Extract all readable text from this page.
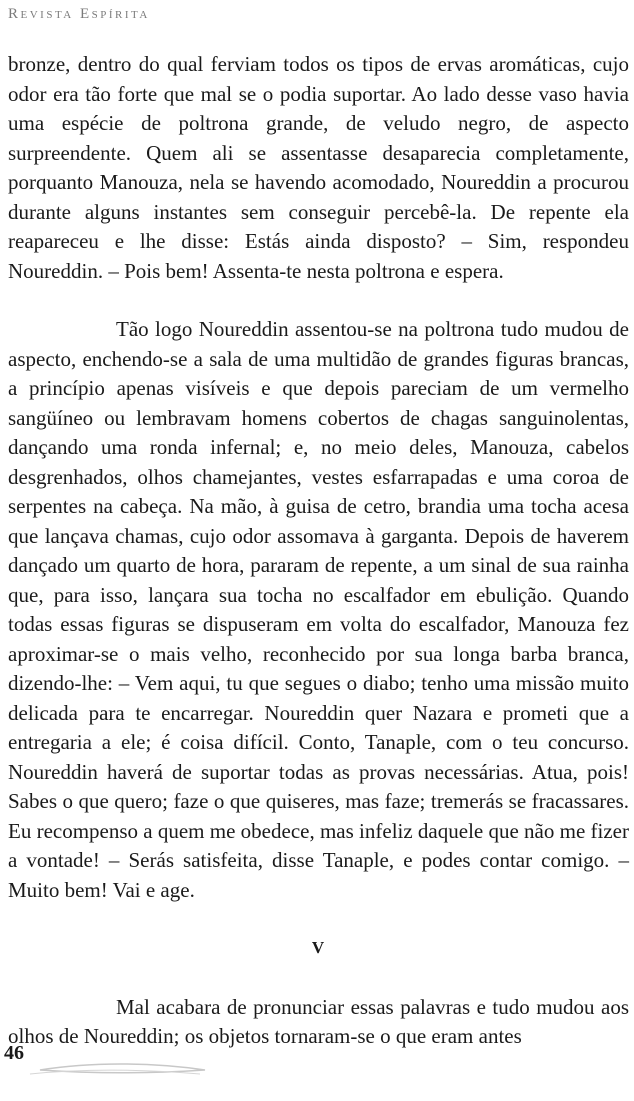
Revista Espírita

bronze, dentro do qual ferviam todos os tipos de ervas aromáticas, cujo odor era tão forte que mal se o podia suportar. Ao lado desse vaso havia uma espécie de poltrona grande, de veludo negro, de aspecto surpreendente. Quem ali se assentasse desaparecia completamente, porquanto Manouza, nela se havendo acomodado, Noureddin a procurou durante alguns instantes sem conseguir percebê-la. De repente ela reapareceu e lhe disse: Estás ainda disposto? – Sim, respondeu Noureddin. – Pois bem! Assenta-te nesta poltrona e espera.

Tão logo Noureddin assentou-se na poltrona tudo mudou de aspecto, enchendo-se a sala de uma multidão de grandes figuras brancas, a princípio apenas visíveis e que depois pareciam de um vermelho sangüíneo ou lembravam homens cobertos de chagas sanguinolentas, dançando uma ronda infernal; e, no meio deles, Manouza, cabelos desgrenhados, olhos chamejantes, vestes esfarrapadas e uma coroa de serpentes na cabeça. Na mão, à guisa de cetro, brandia uma tocha acesa que lançava chamas, cujo odor assomava à garganta. Depois de haverem dançado um quarto de hora, pararam de repente, a um sinal de sua rainha que, para isso, lançara sua tocha no escalfador em ebulição. Quando todas essas figuras se dispuseram em volta do escalfador, Manouza fez aproximar-se o mais velho, reconhecido por sua longa barba branca, dizendo-lhe: – Vem aqui, tu que segues o diabo; tenho uma missão muito delicada para te encarregar. Noureddin quer Nazara e prometi que a entregaria a ele; é coisa difícil. Conto, Tanaple, com o teu concurso. Noureddin haverá de suportar todas as provas necessárias. Atua, pois! Sabes o que quero; faze o que quiseres, mas faze; tremerás se fracassares. Eu recompenso a quem me obedece, mas infeliz daquele que não me fizer a vontade! – Serás satisfeita, disse Tanaple, e podes contar comigo. – Muito bem! Vai e age.

V

Mal acabara de pronunciar essas palavras e tudo mudou aos olhos de Noureddin; os objetos tornaram-se o que eram antes

46
